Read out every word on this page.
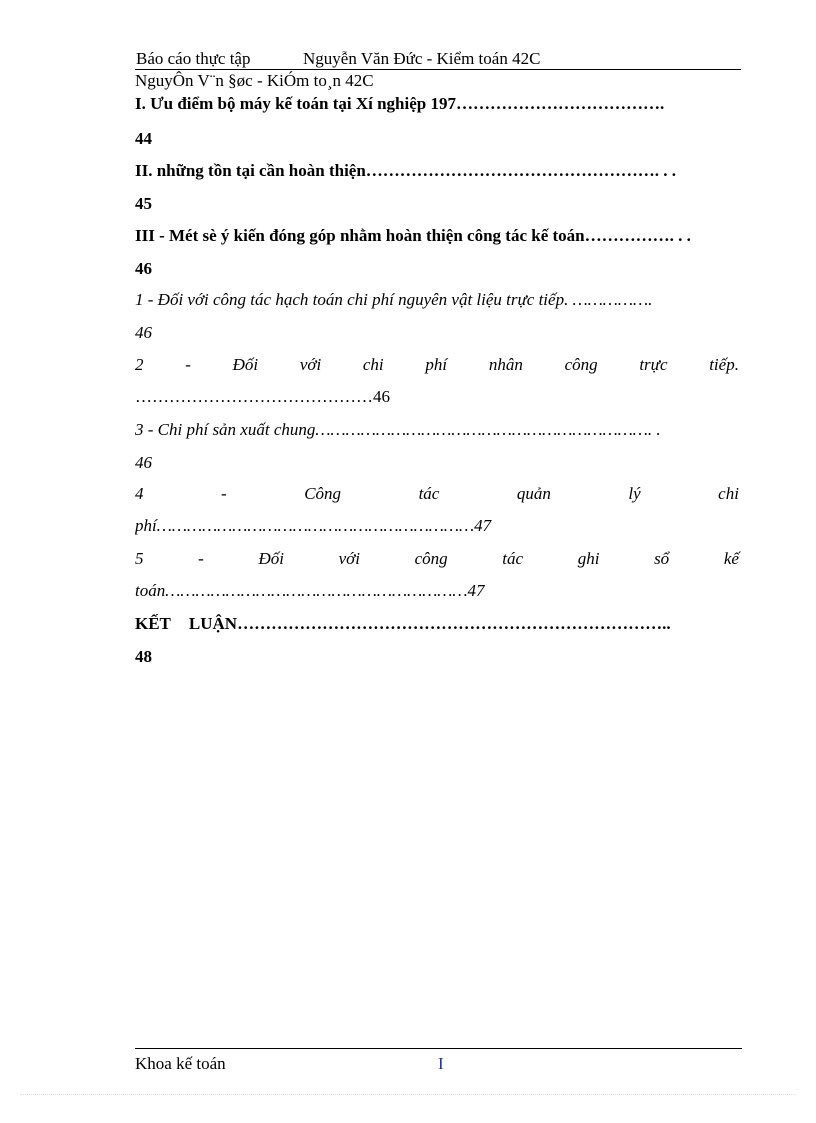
Báo cáo thực tập	Nguyễn Văn Đức - Kiểm toán 42C
NguyÔn V¨n §øc - KiÓm to¸n 42C
I. Ưu điểm bộ máy kế toán tại Xí nghiệp 197……………………………….
44
II. những tồn tại cần hoàn thiện……………………………………………. . .
45
III - Mét sè ý kiến đóng góp nhằm hoàn thiện công tác kế toán……………. . .
46
1 - Đối với công tác hạch toán chi phí nguyên vật liệu trực tiếp. …………….
46
2 - Đối với chi phí nhân công trực tiếp.
……………………………………46
3 - Chi phí sản xuất chung…………………………………………………………. .
46
4	-	Công	tác	quản	lý	chi
phí………………………………………………………47
5	-	Đối	với	công	tác	ghi	sổ	kế
toán……………………………………………………47
KẾT LUẬN…………………………………………………………………..
48
Khoa kế toán	I
